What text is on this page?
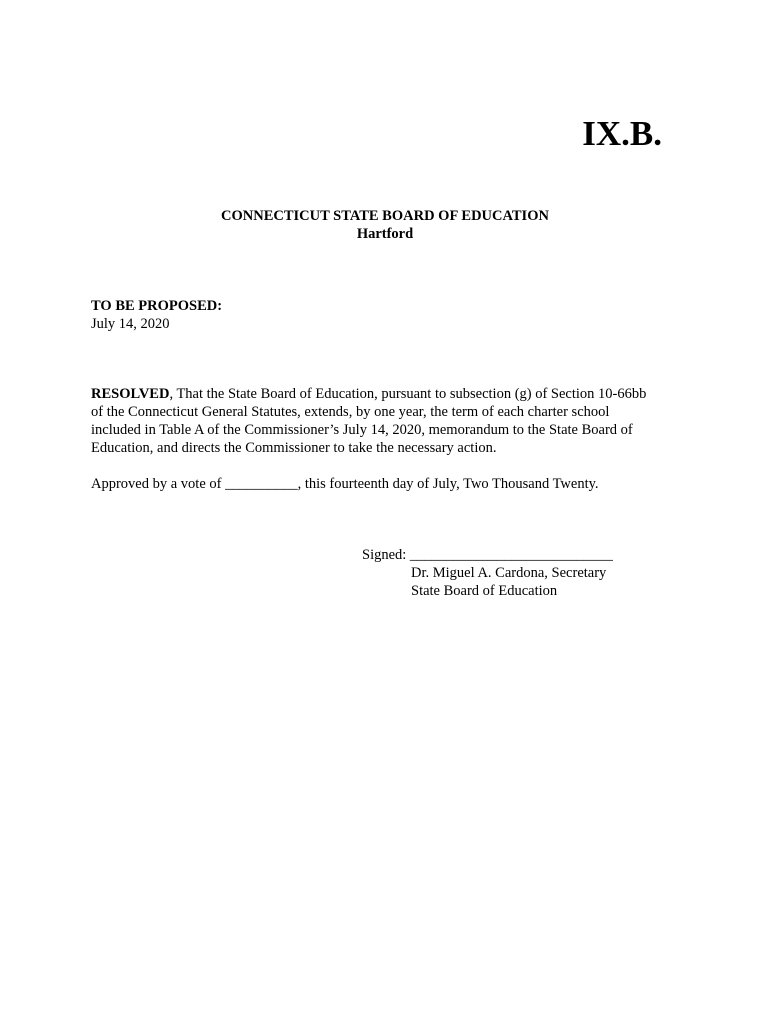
IX.B.
CONNECTICUT STATE BOARD OF EDUCATION
Hartford
TO BE PROPOSED:
July 14, 2020
RESOLVED, That the State Board of Education, pursuant to subsection (g) of Section 10-66bb
of the Connecticut General Statutes, extends, by one year, the term of each charter school
included in Table A of the Commissioner’s July 14, 2020, memorandum to the State Board of
Education, and directs the Commissioner to take the necessary action.
Approved by a vote of __________, this fourteenth day of July, Two Thousand Twenty.
Signed: ____________________________
Dr. Miguel A. Cardona, Secretary
State Board of Education
